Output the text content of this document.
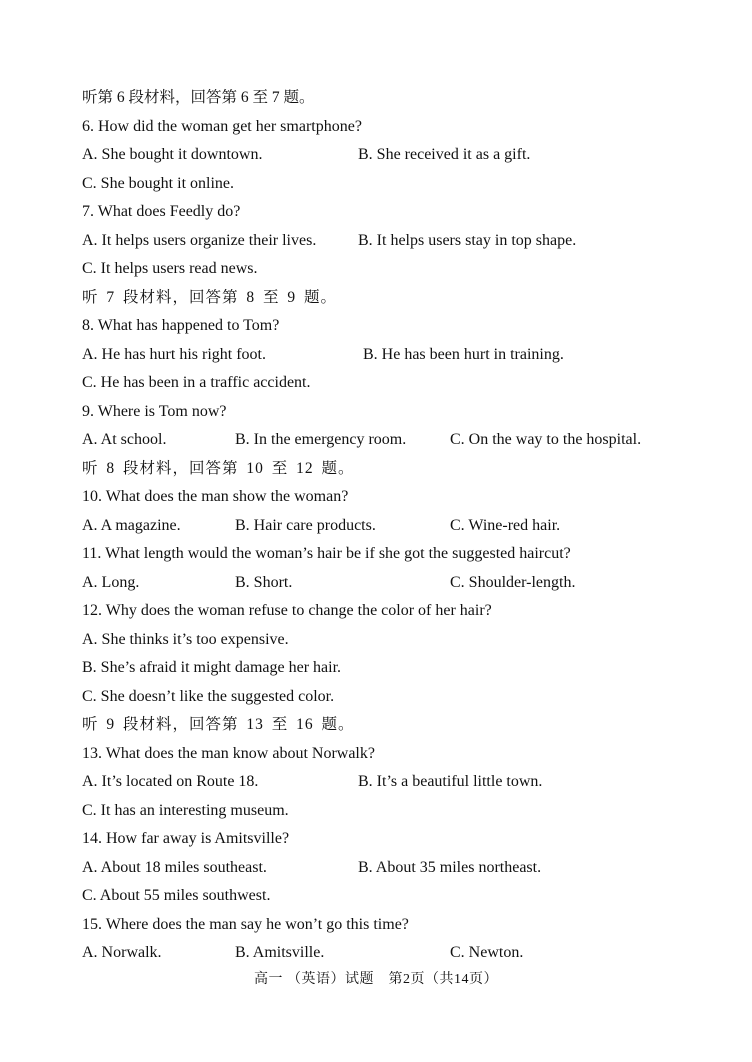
听第 6 段材料，回答第 6 至 7 题。
6. How did the woman get her smartphone?
A. She bought it downtown.	B. She received it as a gift.
C. She bought it online.
7. What does Feedly do?
A. It helps users organize their lives.	B. It helps users stay in top shape.
C. It helps users read news.
听 7 段材料，回答第 8 至 9 题。
8. What has happened to Tom?
A. He has hurt his right foot.	B. He has been hurt in training.
C. He has been in a traffic accident.
9. Where is Tom now?
A. At school.	B. In the emergency room.	C. On the way to the hospital.
听 8 段材料，回答第 10 至 12 题。
10. What does the man show the woman?
A. A magazine.	B. Hair care products.	C. Wine-red hair.
11. What length would the woman’s hair be if she got the suggested haircut?
A. Long.	B. Short.	C. Shoulder-length.
12. Why does the woman refuse to change the color of her hair?
A. She thinks it’s too expensive.
B. She’s afraid it might damage her hair.
C. She doesn’t like the suggested color.
听 9 段材料，回答第 13 至 16 题。
13. What does the man know about Norwalk?
A. It’s located on Route 18.	B. It’s a beautiful little town.
C. It has an interesting museum.
14. How far away is Amitsville?
A. About 18 miles southeast.	B. About 35 miles northeast.
C. About 55 miles southwest.
15. Where does the man say he won’t go this time?
A. Norwalk.	B. Amitsville.	C. Newton.
高一 （英语）试题　第2页（共14页）
